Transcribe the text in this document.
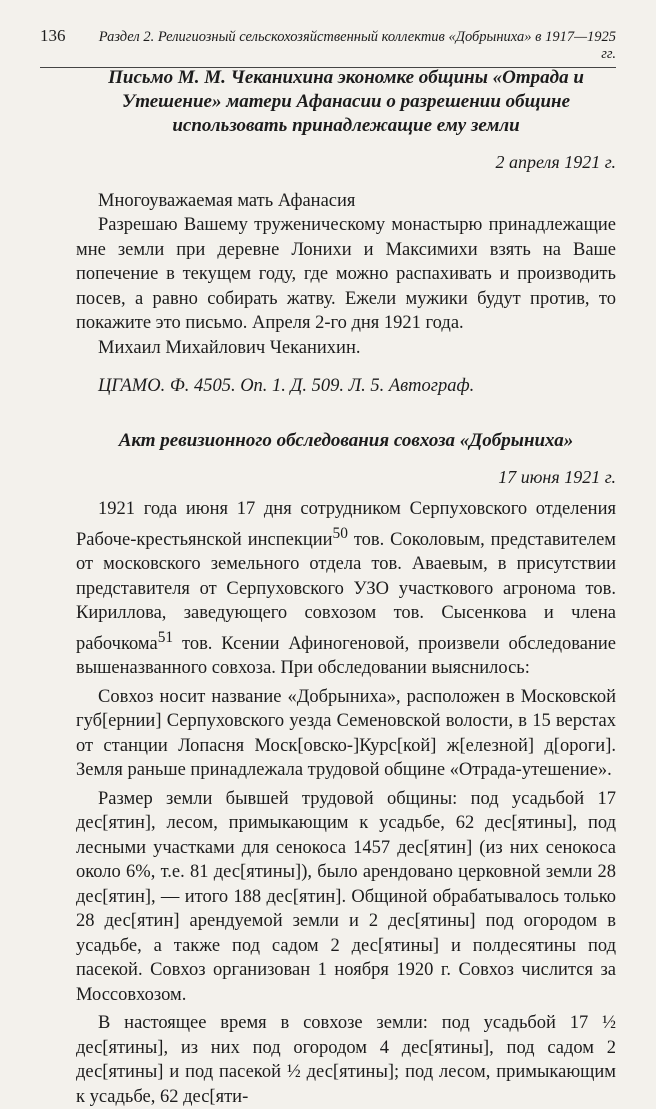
136	Раздел 2. Религиозный сельскохозяйственный коллектив «Добрыниха» в 1917—1925 гг.
Письмо М. М. Чеканихина экономке общины «Отрада и Утешение» матери Афанасии о разрешении общине использовать принадлежащие ему земли

2 апреля 1921 г.

Многоуважаемая мать Афанасия

Разрешаю Вашему труженическому монастырю принадлежащие мне земли при деревне Лонихи и Максимихи взять на Ваше попечение в текущем году, где можно распахивать и производить посев, а равно собирать жатву. Ежели мужики будут против, то покажите это письмо. Апреля 2-го дня 1921 года.

Михаил Михайлович Чеканихин.

ЦГАМО. Ф. 4505. Оп. 1. Д. 509. Л. 5. Автограф.

Акт ревизионного обследования совхоза «Добрыниха»

17 июня 1921 г.

1921 года июня 17 дня сотрудником Серпуховского отделения Рабоче-крестьянской инспекции$^{50}$ тов. Соколовым, представителем от московского земельного отдела тов. Аваевым, в присутствии представителя от Серпуховского УЗО участкового агронома тов. Кириллова, заведующего совхозом тов. Сысенкова и члена рабочкома$^{51}$ тов. Ксении Афиногеновой, произвели обследование вышеназванного совхоза. При обследовании выяснилось:

Совхоз носит название «Добрыниха», расположен в Московской губ[ернии] Серпуховского уезда Семеновской волости, в 15 верстах от станции Лопасня Моск[овско-]Курс[кой] ж[елезной] д[ороги]. Земля раньше принадлежала трудовой общине «Отрада-утешение».

Размер земли бывшей трудовой общины: под усадьбой 17 дес[ятин], лесом, примыкающим к усадьбе, 62 дес[ятины], под лесными участками для сенокоса 1457 дес[ятин] (из них сенокоса около 6%, т.е. 81 дес[ятины]), было арендовано церковной земли 28 дес[ятин], — итого 188 дес[ятин]. Общиной обрабатывалось только 28 дес[ятин] арендуемой земли и 2 дес[ятины] под огородом в усадьбе, а также под садом 2 дес[ятины] и полдесятины под пасекой. Совхоз организован 1 ноября 1920 г. Совхоз числится за Моссовхозом.

В настоящее время в совхозе земли: под усадьбой 17 ½ дес[ятины], из них под огородом 4 дес[ятины], под садом 2 дес[ятины] и под пасекой ½ дес[ятины]; под лесом, примыкающим к усадьбе, 62 дес[яти-
